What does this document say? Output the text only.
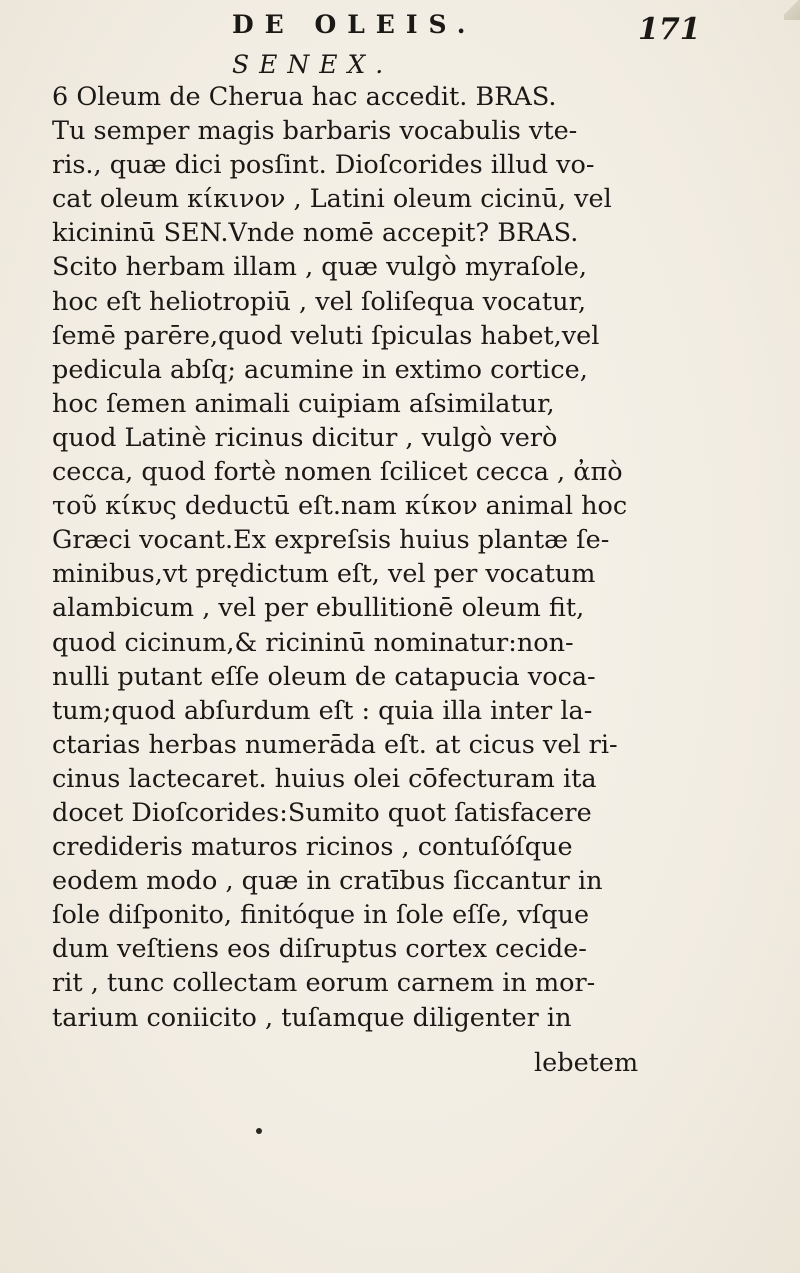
DE OLEIS.	171
SENEX.
6 Oleum de Cherua hac accedit. BRAS.
Tu semper magis barbaris vocabulis vte-
ris., quæ dici posſint. Dioſcorides illud vo-
cat oleum κίκινον , Latini oleum cicinū, vel
kicininū SEN.Vnde nomē accepit? BRAS.
Scito herbam illam , quæ vulgò myraſole,
hoc eſt heliotropiū , vel ſoliſequa vocatur,
ſemē parēre,quod veluti ſpiculas habet,vel
pedicula abſq; acumine in extimo cortice,
hoc ſemen animali cuipiam aſsimilatur,
quod Latinè ricinus dicitur , vulgò verò
cecca, quod fortè nomen ſcilicet cecca , ἀπὸ
τοῦ κίκυς deductū eſt.nam κίκον animal hoc
Græci vocant.Ex expreſsis huius plantæ ſe-
minibus,vt prędictum eſt, vel per vocatum
alambicum , vel per ebullitionē oleum fit,
quod cicinum,& ricininū nominatur:non-
nulli putant eſſe oleum de catapucia voca-
tum;quod abſurdum eſt : quia illa inter la-
ctarias herbas numerāda eſt. at cicus vel ri-
cinus lactecaret. huius olei cōfecturam ita
docet Dioſcorides:Sumito quot ſatisfacere
credideris maturos ricinos , contuſóſque
eodem modo , quæ in cratībus ſiccantur in
ſole diſponito, finitóque in ſole eſſe, vſque
dum veſtiens eos diſruptus cortex cecide-
rit , tunc collectam eorum carnem in mor-
tarium coniicito , tuſamque diligenter in
lebetem
